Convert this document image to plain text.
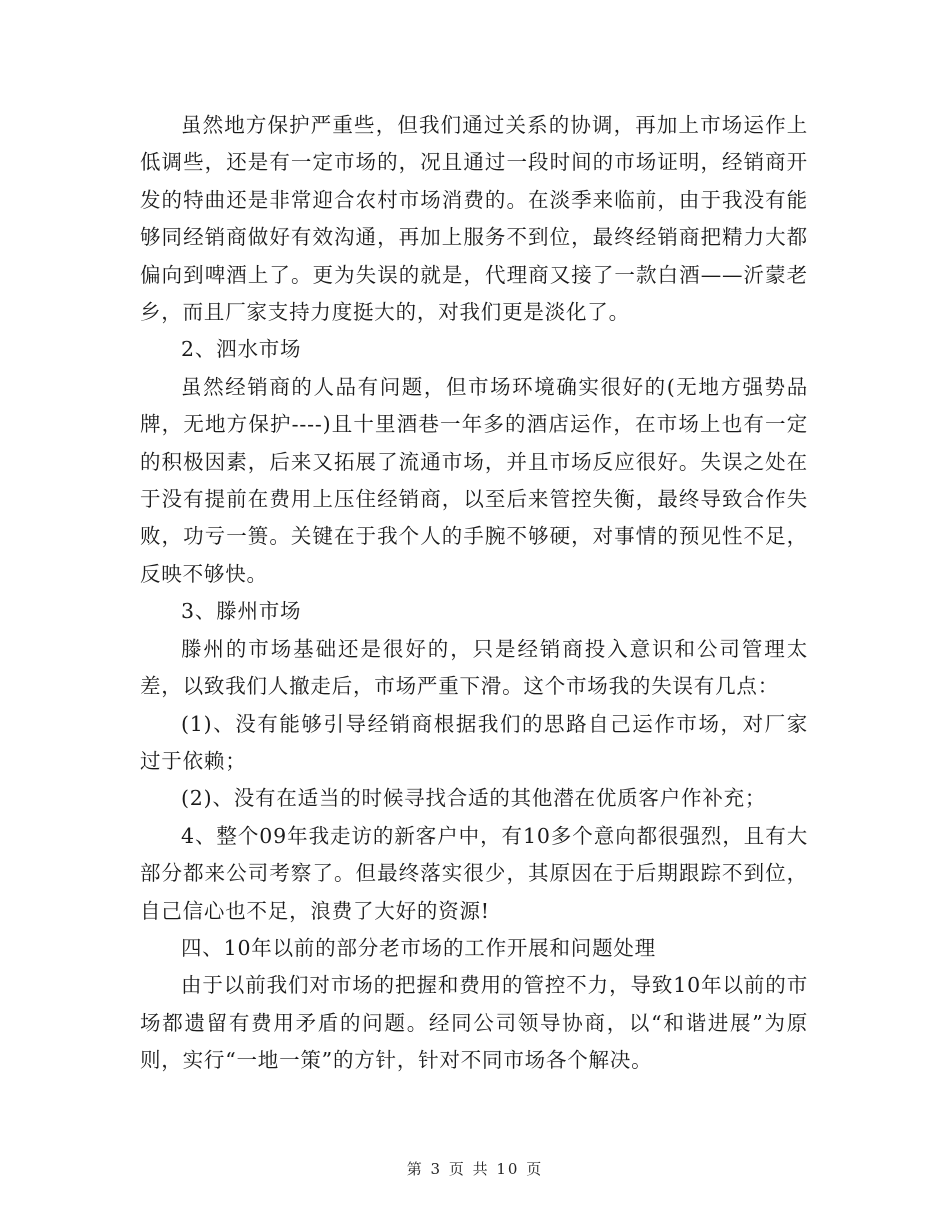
虽然地方保护严重些，但我们通过关系的协调，再加上市场运作上低调些，还是有一定市场的，况且通过一段时间的市场证明，经销商开发的特曲还是非常迎合农村市场消费的。在淡季来临前，由于我没有能够同经销商做好有效沟通，再加上服务不到位，最终经销商把精力大都偏向到啤酒上了。更为失误的就是，代理商又接了一款白酒——沂蒙老乡，而且厂家支持力度挺大的，对我们更是淡化了。

2、泗水市场

虽然经销商的人品有问题，但市场环境确实很好的(无地方强势品牌，无地方保护----)且十里酒巷一年多的酒店运作，在市场上也有一定的积极因素，后来又拓展了流通市场，并且市场反应很好。失误之处在于没有提前在费用上压住经销商，以至后来管控失衡，最终导致合作失败，功亏一篑。关键在于我个人的手腕不够硬，对事情的预见性不足，反映不够快。

3、滕州市场

滕州的市场基础还是很好的，只是经销商投入意识和公司管理太差，以致我们人撤走后，市场严重下滑。这个市场我的失误有几点：

(1)、没有能够引导经销商根据我们的思路自己运作市场，对厂家过于依赖；

(2)、没有在适当的时候寻找合适的其他潜在优质客户作补充；

4、整个09年我走访的新客户中，有10多个意向都很强烈，且有大部分都来公司考察了。但最终落实很少，其原因在于后期跟踪不到位，自己信心也不足，浪费了大好的资源!

四、10年以前的部分老市场的工作开展和问题处理

由于以前我们对市场的把握和费用的管控不力，导致10年以前的市场都遗留有费用矛盾的问题。经同公司领导协商，以“和谐进展”为原则，实行“一地一策”的方针，针对不同市场各个解决。

第 3 页 共 10 页
